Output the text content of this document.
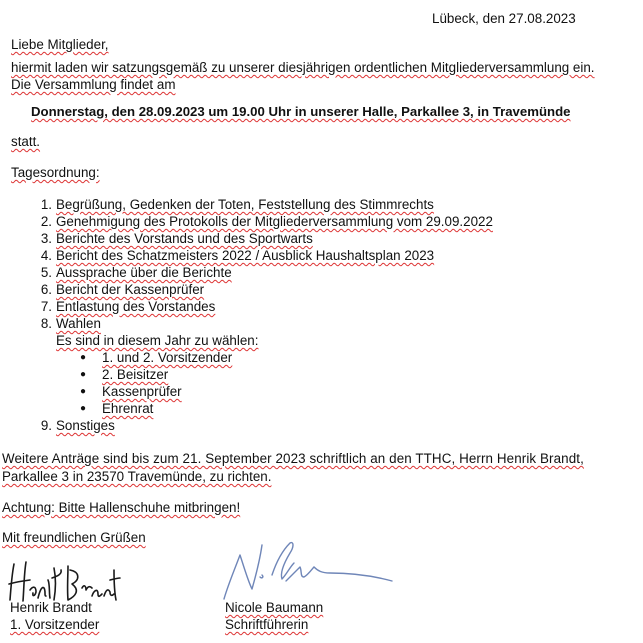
Lübeck, den 27.08.2023
Liebe Mitglieder,
hiermit laden wir satzungsgemäß zu unserer diesjährigen ordentlichen Mitgliederversammlung ein.
Die Versammlung findet am
Donnerstag, den 28.09.2023 um 19.00 Uhr in unserer Halle, Parkallee 3, in Travemünde
statt.
Tagesordnung:
1. Begrüßung, Gedenken der Toten, Feststellung des Stimmrechts
2. Genehmigung des Protokolls der Mitgliederversammlung vom 29.09.2022
3. Berichte des Vorstands und des Sportwarts
4. Bericht des Schatzmeisters 2022 / Ausblick Haushaltsplan 2023
5. Aussprache über die Berichte
6. Bericht der Kassenprüfer
7. Entlastung des Vorstandes
8. Wahlen
Es sind in diesem Jahr zu wählen:
● 1. und 2. Vorsitzender
● 2. Beisitzer
● Kassenprüfer
● Ehrenrat
9. Sonstiges
Weitere Anträge sind bis zum 21. September 2023 schriftlich an den TTHC, Herrn Henrik Brandt,
Parkallee 3 in 23570 Travemünde, zu richten.
Achtung: Bitte Hallenschuhe mitbringen!
Mit freundlichen Grüßen
Henrik Brandt
1. Vorsitzender
Nicole Baumann
Schriftführerin
